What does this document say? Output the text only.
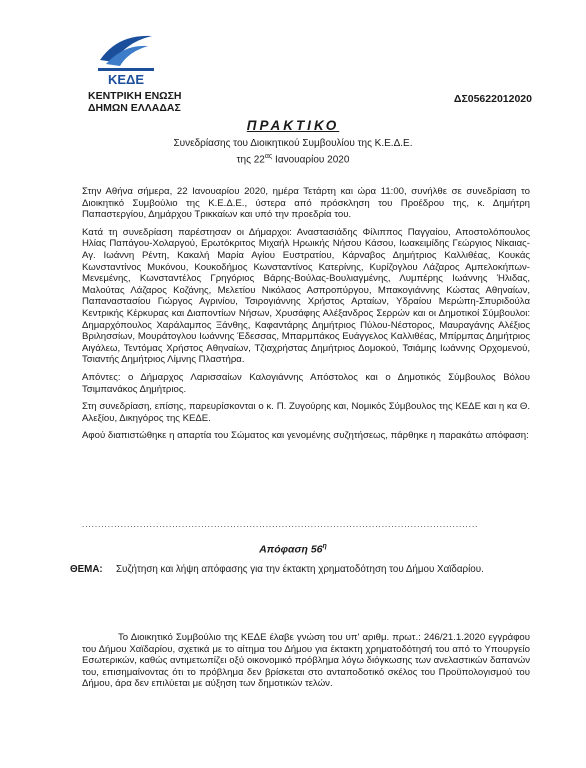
ΚΕΔΕ
ΚΕΝΤΡΙΚΗ ΕΝΩΣΗ
ΔΗΜΩΝ ΕΛΛΑΔΑΣ
ΔΣ05622012020
ΠΡΑΚΤΙΚΟ
Συνεδρίασης του Διοικητικού Συμβουλίου της Κ.Ε.Δ.Ε.
της $22^{\alpha\varsigma}$ Ιανουαρίου 2020

Στην Αθήνα σήμερα, 22 Ιανουαρίου 2020, ημέρα Τετάρτη και ώρα 11:00, συνήλθε σε συνεδρίαση το Διοικητικό Συμβούλιο της Κ.Ε.Δ.Ε., ύστερα από πρόσκληση του Προέδρου της, κ. Δημήτρη Παπαστεργίου, Δημάρχου Τρικκαίων και υπό την προεδρία του.

Κατά τη συνεδρίαση παρέστησαν οι Δήμαρχοι: Αναστασιάδης Φίλιππος Παγγαίου, Αποστολόπουλος Ηλίας Παπάγου-Χολαργού, Ερωτόκριτος Μιχαήλ Ηρωικής Νήσου Κάσου, Ιωακειμίδης Γεώργιος Νίκαιας-Αγ. Ιωάννη Ρέντη, Κακαλή Μαρία Αγίου Ευστρατίου, Κάρναβος Δημήτριος Καλλιθέας, Κουκάς Κωνσταντίνος Μυκόνου, Κουκοδήμος Κωνσταντίνος Κατερίνης, Κυρίζογλου Λάζαρος Αμπελοκήπων-Μενεμένης, Κωνσταντέλος Γρηγόριος Βάρης-Βούλας-Βουλιαγμένης, Λυμπέρης Ιωάννης Ήλιδας, Μαλούτας Λάζαρος Κοζάνης, Μελετίου Νικόλαος Ασπροπύργου, Μπακογιάννης Κώστας Αθηναίων, Παπαναστασίου Γιώργος Αγρινίου, Τσιρογιάννης Χρήστος Αρταίων, Υδραίου Μερώπη-Σπυριδούλα Κεντρικής Κέρκυρας και Διαποντίων Νήσων, Χρυσάφης Αλέξανδρος Σερρών και οι Δημοτικοί Σύμβουλοι: Δημαρχόπουλος Χαράλαμπος Ξάνθης, Καφαντάρης Δημήτριος Πύλου-Νέστορος, Μαυραγάνης Αλέξιος Βριλησσίων, Μουράτογλου Ιωάννης Έδεσσας, Μπαρμπάκος Ευάγγελος Καλλιθέας, Μπίρμπας Δημήτριος Αιγάλεω, Τεντόμας Χρήστος Αθηναίων, Τζιαχρήστας Δημήτριος Δομοκού, Τσιάμης Ιωάννης Ορχομενού, Τσιαντής Δημήτριος Λίμνης Πλαστήρα.

Απόντες: ο Δήμαρχος Λαρισσαίων Καλογιάννης Απόστολος και ο Δημοτικός Σύμβουλος Βόλου Τσιμπανάκος Δημήτριος.

Στη συνεδρίαση, επίσης, παρευρίσκονται ο κ. Π. Ζυγούρης και, Νομικός Σύμβουλος της ΚΕΔΕ και η κα Θ. Αλεξίου, Δικηγόρος της ΚΕΔΕ.

Αφού διαπιστώθηκε η απαρτία του Σώματος και γενομένης συζητήσεως, πάρθηκε η παρακάτω απόφαση:

...........................................................................................................................
Απόφαση $56^\eta$
ΘΕΜΑ:	Συζήτηση και λήψη απόφασης για την έκτακτη χρηματοδότηση του Δήμου Χαϊδαρίου.
Το Διοικητικό Συμβούλιο της ΚΕΔΕ έλαβε γνώση του υπ' αριθμ. πρωτ.: 246/21.1.2020 εγγράφου του Δήμου Χαϊδαρίου, σχετικά με το αίτημα του Δήμου για έκτακτη χρηματοδότησή του από το Υπουργείο Εσωτερικών, καθώς αντιμετωπίζει οξύ οικονομικό πρόβλημα λόγω διόγκωσης των ανελαστικών δαπανών του, επισημαίνοντας ότι το πρόβλημα δεν βρίσκεται στο ανταποδοτικό σκέλος του Προϋπολογισμού του Δήμου, άρα δεν επιλύεται με αύξηση των δημοτικών τελών.
